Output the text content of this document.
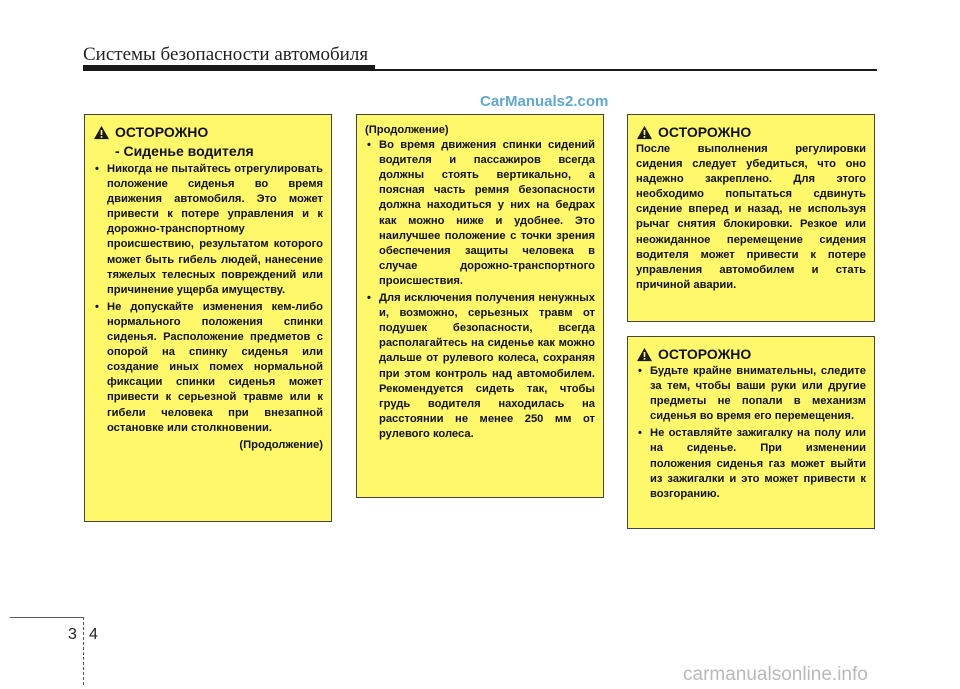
Системы безопасности автомобиля
CarManuals2.com
ОСТОРОЖНО
- Сиденье водителя
• Никогда не пытайтесь отрегулировать положение сиденья во время движения автомобиля. Это может привести к потере управления и к дорожно-транспортному происшествию, результатом которого может быть гибель людей, нанесение тяжелых телесных повреждений или причинение ущерба имуществу.
• Не допускайте изменения кем-либо нормального положения спинки сиденья. Расположение предметов с опорой на спинку сиденья или создание иных помех нормальной фиксации спинки сиденья может привести к серьезной травме или к гибели человека при внезапной остановке или столкновении.

(Продолжение)

(Продолжение)

• Во время движения спинки сидений водителя и пассажиров всегда должны стоять вертикально, а поясная часть ремня безопасности должна находиться у них на бедрах как можно ниже и удобнее. Это наилучшее положение с точки зрения обеспечения защиты человека в случае дорожно-транспортного происшествия.
• Для исключения получения ненужных и, возможно, серьезных травм от подушек безопасности, всегда располагайтесь на сиденье как можно дальше от рулевого колеса, сохраняя при этом контроль над автомобилем. Рекомендуется сидеть так, чтобы грудь водителя находилась на расстоянии не менее 250 мм от рулевого колеса.
ОСТОРОЖНО

После выполнения регулировки сидения следует убедиться, что оно надежно закреплено. Для этого необходимо попытаться сдвинуть сидение вперед и назад, не используя рычаг снятия блокировки. Резкое или неожиданное перемещение сидения водителя может привести к потере управления автомобилем и стать причиной аварии.

ОСТОРОЖНО
• Будьте крайне внимательны, следите за тем, чтобы ваши руки или другие предметы не попали в механизм сиденья во время его перемещения.
• Не оставляйте зажигалку на полу или на сиденье. При изменении положения сиденья газ может выйти из зажигалки и это может привести к возгоранию.
3 4
carmanualsonline.info
